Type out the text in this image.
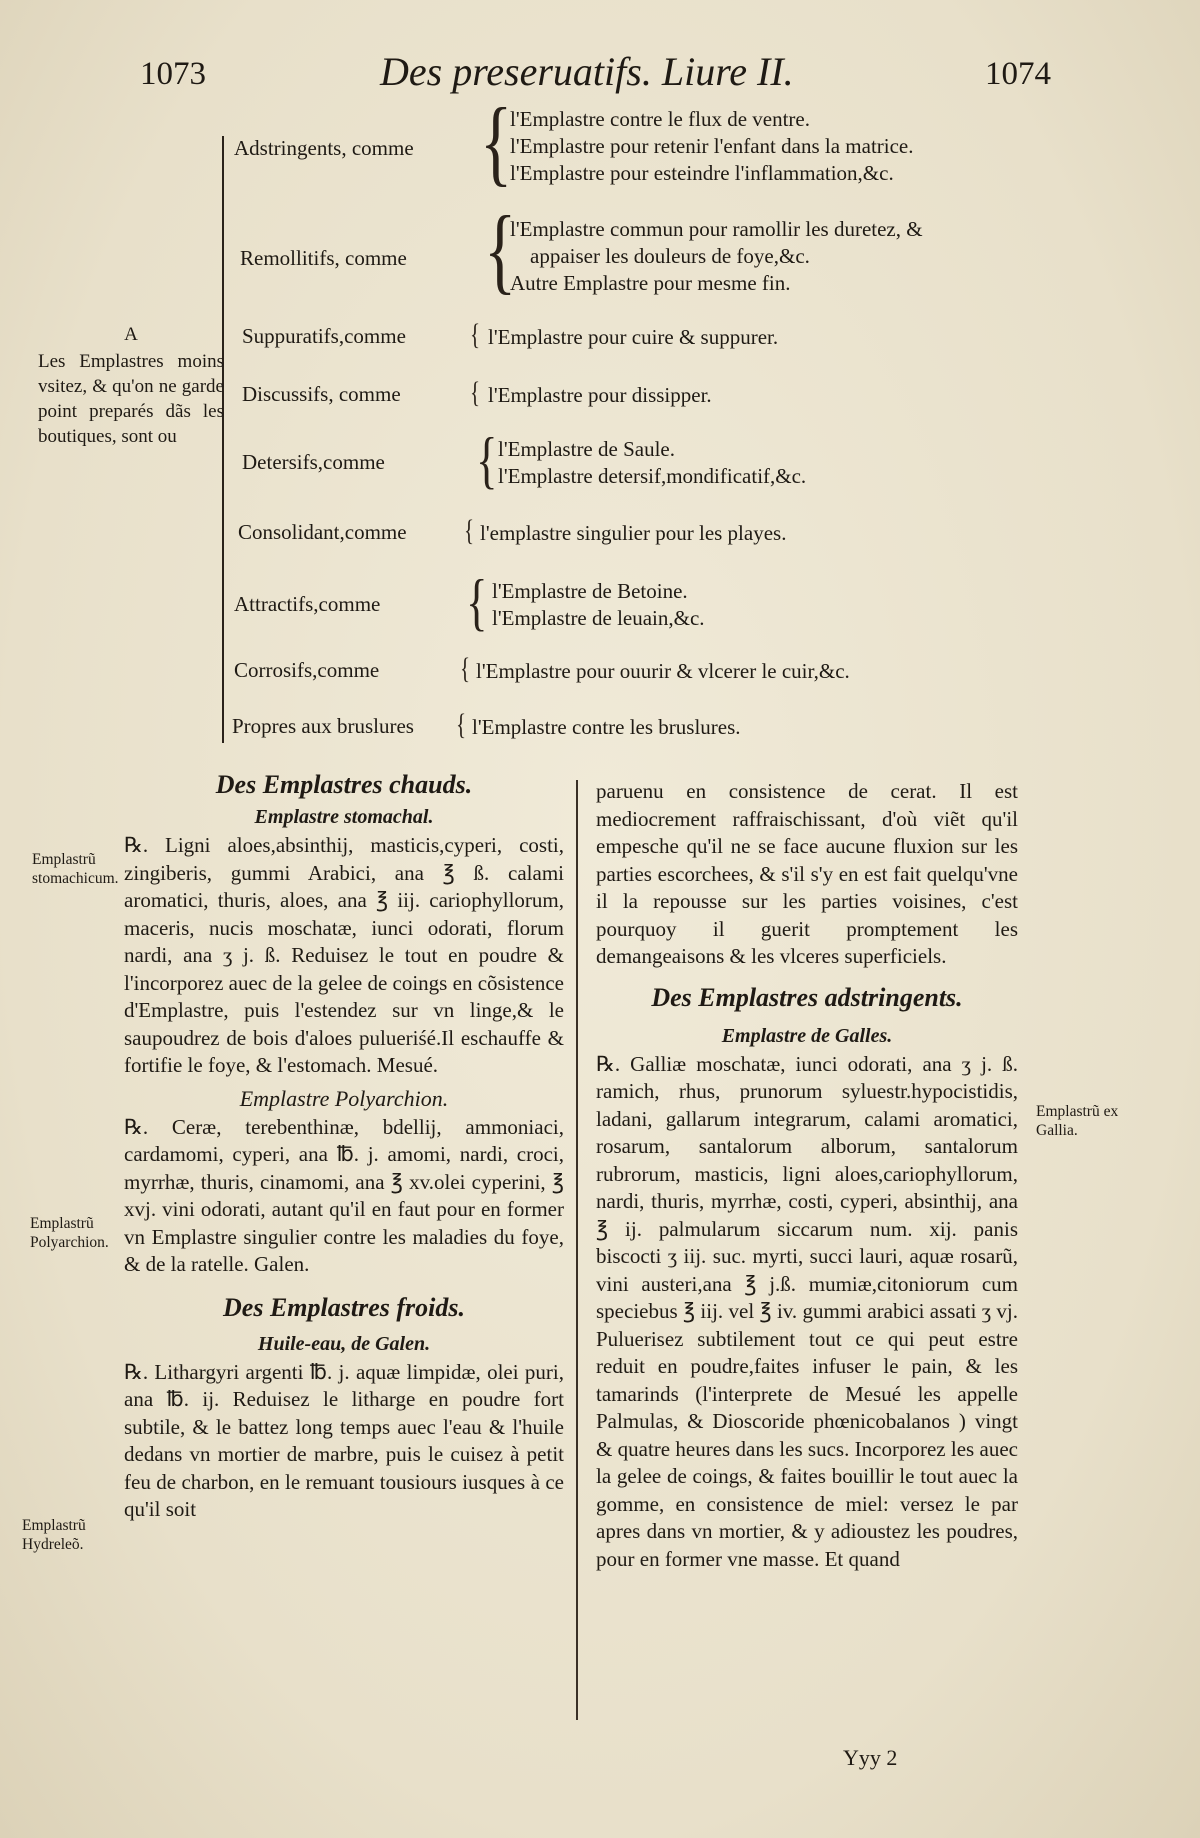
1073	Des preseruatifs. Liure II.	1074
A
Les Emplastres moins vsitez, & qu'on ne garde point preparés dãs les boutiques, sont ou
Adstringents, comme {
l'Emplastre contre le flux de ventre.
l'Emplastre pour retenir l'enfant dans la matrice.
l'Emplastre pour esteindre l'inflammation,&c.
Remollitifs, comme {
l'Emplastre commun pour ramollir les duretez, &
appaiser les douleurs de foye,&c.
Autre Emplastre pour mesme fin.
Suppuratifs,comme { l'Emplastre pour cuire & suppurer.
Discussifs, comme { l'Emplastre pour dissipper.
Detersifs,comme { l'Emplastre de Saule.
l'Emplastre detersif,mondificatif,&c.
Consolidant,comme { l'emplastre singulier pour les playes.
Attractifs,comme { l'Emplastre de Betoine.
l'Emplastre de leuain,&c.
Corrosifs,comme	{ l'Emplastre pour ouurir & vlcerer le cuir,&c.
Propres aux bruslures { l'Emplastre contre les bruslures.
Des Emplastres chauds.
Emplastre stomachal.

℞. Ligni aloes,absinthij, masticis,cyperi, costi, zingiberis, gummi Arabici, ana ℥ ß. calami aromatici, thuris, aloes, ana ℥ iij. cariophyllorum, maceris, nucis moschatæ, iunci odorati, florum nardi, ana ʒ j. ß. Reduisez le tout en poudre & l'incorporez auec de la gelee de coings en cõsistence d'Emplastre, puis l'estendez sur vn linge,& le saupoudrez de bois d'aloes pulueriśé.Il eschauffe & fortifie le foye, & l'estomach. Mesué.

Emplastre Polyarchion.

℞. Ceræ, terebenthinæ, bdellij, ammoniaci, cardamomi, cyperi, ana ℔. j. amomi, nardi, croci, myrrhæ, thuris, cinamomi, ana ℥ xv.olei cyperini, ℥ xvj. vini odorati, autant qu'il en faut pour en former vn Emplastre singulier contre les maladies du foye, & de la ratelle. Galen.

Des Emplastres froids.
Huile-eau, de Galen.

℞. Lithargyri argenti ℔. j. aquæ limpidæ, olei puri, ana ℔. ij. Reduisez le litharge en poudre fort subtile, & le battez long temps auec l'eau & l'huile dedans vn mortier de marbre, puis le cuisez à petit feu de charbon, en le remuant tousiours iusques à ce qu'il soit

paruenu en consistence de cerat. Il est mediocrement raffraischissant, d'où viẽt qu'il empesche qu'il ne se face aucune fluxion sur les parties escorchees, & s'il s'y en est fait quelqu'vne il la repousse sur les parties voisines, c'est pourquoy il guerit promptement les demangeaisons & les vlceres superficiels.

Des Emplastres adstringents.
Emplastre de Galles.

℞. Galliæ moschatæ, iunci odorati, ana ʒ j. ß. ramich, rhus, prunorum syluestr.hypocistidis, ladani, gallarum integrarum, calami aromatici, rosarum, santalorum alborum, santalorum rubrorum, masticis, ligni aloes,cariophyllorum, nardi, thuris, myrrhæ, costi, cyperi, absinthij, ana ℥ ij. palmularum siccarum num. xij. panis biscocti ʒ iij. suc. myrti, succi lauri, aquæ rosarũ, vini austeri,ana ℥ j.ß. mumiæ,citoniorum cum speciebus ℥ iij. vel ℥ iv. gummi arabici assati ʒ vj. Puluerisez subtilement tout ce qui peut estre reduit en poudre,faites infuser le pain, & les tamarinds (l'interprete de Mesué les appelle Palmulas, & Dioscoride phœnicobalanos ) vingt & quatre heures dans les sucs. Incorporez les auec la gelee de coings, & faites bouillir le tout auec la gomme, en consistence de miel: versez le par apres dans vn mortier, & y adioustez les poudres, pour en former vne masse. Et quand

Emplastrũ stomachicum.
Emplastrũ Polyarchion.
Emplastrũ Hydreleõ.
Emplastrũ ex Gallia.
Yyy 2
